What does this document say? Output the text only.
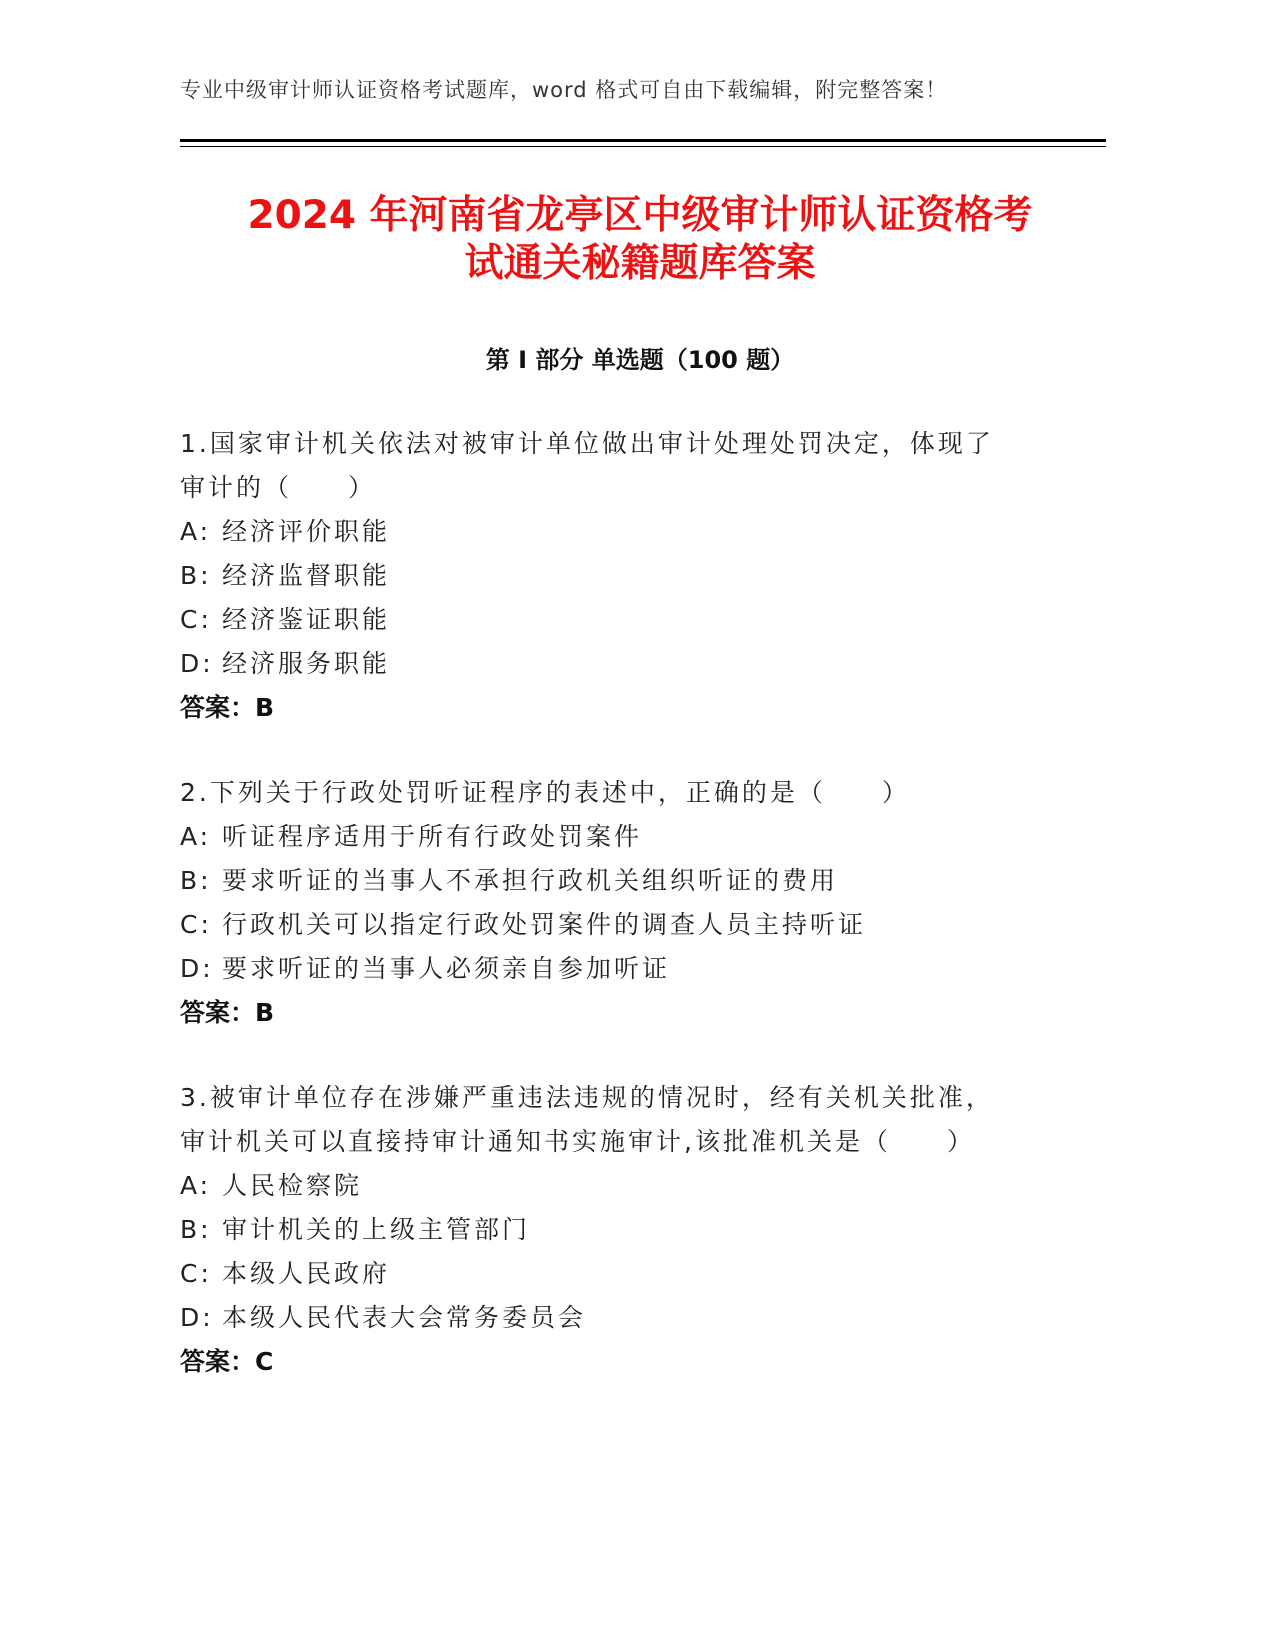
专业中级审计师认证资格考试题库，word 格式可自由下载编辑，附完整答案！
2024 年河南省龙亭区中级审计师认证资格考
试通关秘籍题库答案
第 I 部分 单选题（100 题）
1.国家审计机关依法对被审计单位做出审计处理处罚决定，体现了审计的（　　）
A: 经济评价职能
B: 经济监督职能
C: 经济鉴证职能
D: 经济服务职能
答案：B
2.下列关于行政处罚听证程序的表述中，正确的是（　　）
A: 听证程序适用于所有行政处罚案件
B: 要求听证的当事人不承担行政机关组织听证的费用
C: 行政机关可以指定行政处罚案件的调查人员主持听证
D: 要求听证的当事人必须亲自参加听证
答案：B
3.被审计单位存在涉嫌严重违法违规的情况时，经有关机关批准，审计机关可以直接持审计通知书实施审计,该批准机关是（　　）
A: 人民检察院
B: 审计机关的上级主管部门
C: 本级人民政府
D: 本级人民代表大会常务委员会
答案：C
